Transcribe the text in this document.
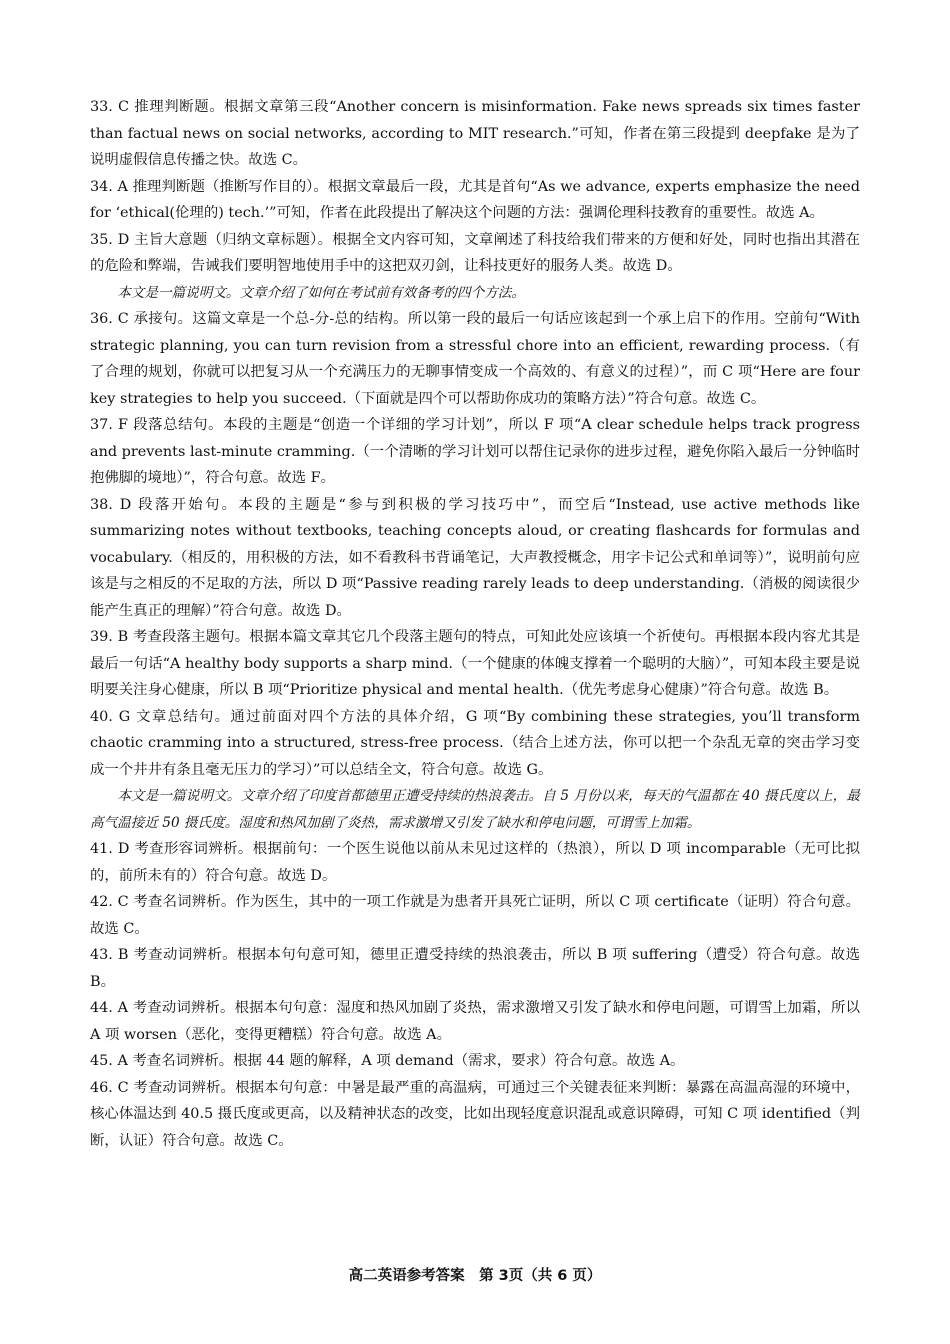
33. C 推理判断题。根据文章第三段“Another concern is misinformation. Fake news spreads six times faster than factual news on social networks, according to MIT research.”可知，作者在第三段提到 deepfake 是为了说明虚假信息传播之快。故选 C。

34. A 推理判断题（推断写作目的）。根据文章最后一段，尤其是首句“As we advance, experts emphasize the need for ‘ethical(伦理的) tech.’”可知，作者在此段提出了解决这个问题的方法：强调伦理科技教育的重要性。故选 A。

35. D 主旨大意题（归纳文章标题）。根据全文内容可知，文章阐述了科技给我们带来的方便和好处，同时也指出其潜在的危险和弊端，告诫我们要明智地使用手中的这把双刃剑，让科技更好的服务人类。故选 D。

本文是一篇说明文。文章介绍了如何在考试前有效备考的四个方法。

36. C 承接句。这篇文章是一个总-分-总的结构。所以第一段的最后一句话应该起到一个承上启下的作用。空前句“With strategic planning, you can turn revision from a stressful chore into an efficient, rewarding process.（有了合理的规划，你就可以把复习从一个充满压力的无聊事情变成一个高效的、有意义的过程）”，而 C 项“Here are four key strategies to help you succeed.（下面就是四个可以帮助你成功的策略方法）”符合句意。故选 C。

37. F 段落总结句。本段的主题是“创造一个详细的学习计划”，所以 F 项“A clear schedule helps track progress and prevents last-minute cramming.（一个清晰的学习计划可以帮住记录你的进步过程，避免你陷入最后一分钟临时抱佛脚的境地）”，符合句意。故选 F。

38. D 段落开始句。本段的主题是“参与到积极的学习技巧中”，而空后“Instead, use active methods like summarizing notes without textbooks, teaching concepts aloud, or creating flashcards for formulas and vocabulary.（相反的，用积极的方法，如不看教科书背诵笔记，大声教授概念，用字卡记公式和单词等）”，说明前句应该是与之相反的不足取的方法，所以 D 项“Passive reading rarely leads to deep understanding.（消极的阅读很少能产生真正的理解）”符合句意。故选 D。

39. B 考查段落主题句。根据本篇文章其它几个段落主题句的特点，可知此处应该填一个祈使句。再根据本段内容尤其是最后一句话“A healthy body supports a sharp mind.（一个健康的体魄支撑着一个聪明的大脑）”，可知本段主要是说明要关注身心健康，所以 B 项“Prioritize physical and mental health.（优先考虑身心健康）”符合句意。故选 B。

40. G 文章总结句。通过前面对四个方法的具体介绍，G 项“By combining these strategies, you’ll transform chaotic cramming into a structured, stress-free process.（结合上述方法，你可以把一个杂乱无章的突击学习变成一个井井有条且毫无压力的学习）”可以总结全文，符合句意。故选 G。

本文是一篇说明文。文章介绍了印度首都德里正遭受持续的热浪袭击。自 5 月份以来，每天的气温都在 40 摄氏度以上，最高气温接近 50 摄氏度。湿度和热风加剧了炎热，需求激增又引发了缺水和停电问题，可谓雪上加霜。

41. D 考查形容词辨析。根据前句：一个医生说他以前从未见过这样的（热浪），所以 D 项 incomparable（无可比拟的，前所未有的）符合句意。故选 D。

42. C 考查名词辨析。作为医生，其中的一项工作就是为患者开具死亡证明，所以 C 项 certificate（证明）符合句意。故选 C。

43. B 考查动词辨析。根据本句句意可知，德里正遭受持续的热浪袭击，所以 B 项 suffering（遭受）符合句意。故选 B。

44. A 考查动词辨析。根据本句句意：湿度和热风加剧了炎热，需求激增又引发了缺水和停电问题，可谓雪上加霜，所以 A 项 worsen（恶化，变得更糟糕）符合句意。故选 A。

45. A 考查名词辨析。根据 44 题的解释，A 项 demand（需求，要求）符合句意。故选 A。

46. C 考查动词辨析。根据本句句意：中暑是最严重的高温病，可通过三个关键表征来判断：暴露在高温高湿的环境中，核心体温达到 40.5 摄氏度或更高，以及精神状态的改变，比如出现轻度意识混乱或意识障碍，可知 C 项 identified（判断，认证）符合句意。故选 C。

高二英语参考答案　第 3页（共 6 页）
